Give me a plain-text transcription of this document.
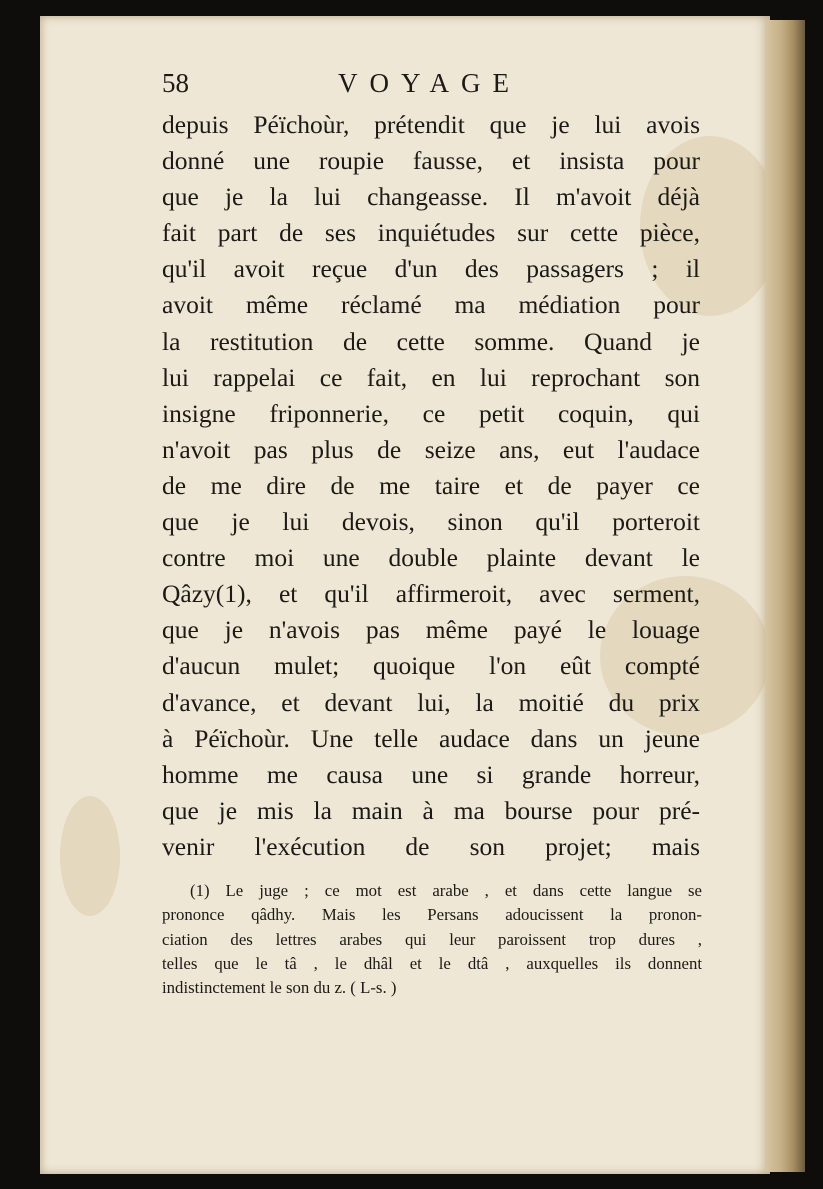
58	VOYAGE
depuis Péïchoùr, prétendit que je lui avois
donné une roupie fausse, et insista pour
que je la lui changeasse. Il m'avoit déjà
fait part de ses inquiétudes sur cette pièce,
qu'il avoit reçue d'un des passagers ; il
avoit même réclamé ma médiation pour
la restitution de cette somme. Quand je
lui rappelai ce fait, en lui reprochant son
insigne friponnerie, ce petit coquin, qui
n'avoit pas plus de seize ans, eut l'audace
de me dire de me taire et de payer ce
que je lui devois, sinon qu'il porteroit
contre moi une double plainte devant le
Qâzy(1), et qu'il affirmeroit, avec serment,
que je n'avois pas même payé le louage
d'aucun mulet; quoique l'on eût compté
d'avance, et devant lui, la moitié du prix
à Péïchoùr. Une telle audace dans un jeune
homme me causa une si grande horreur,
que je mis la main à ma bourse pour pré-
venir l'exécution de son projet; mais
(1) Le juge ; ce mot est arabe , et dans cette langue se
prononce qâdhy. Mais les Persans adoucissent la pronon-
ciation des lettres arabes qui leur paroissent trop dures ,
telles que le tâ , le dhâl et le dtâ , auxquelles ils donnent
indistinctement le son du z. ( L-s. )
